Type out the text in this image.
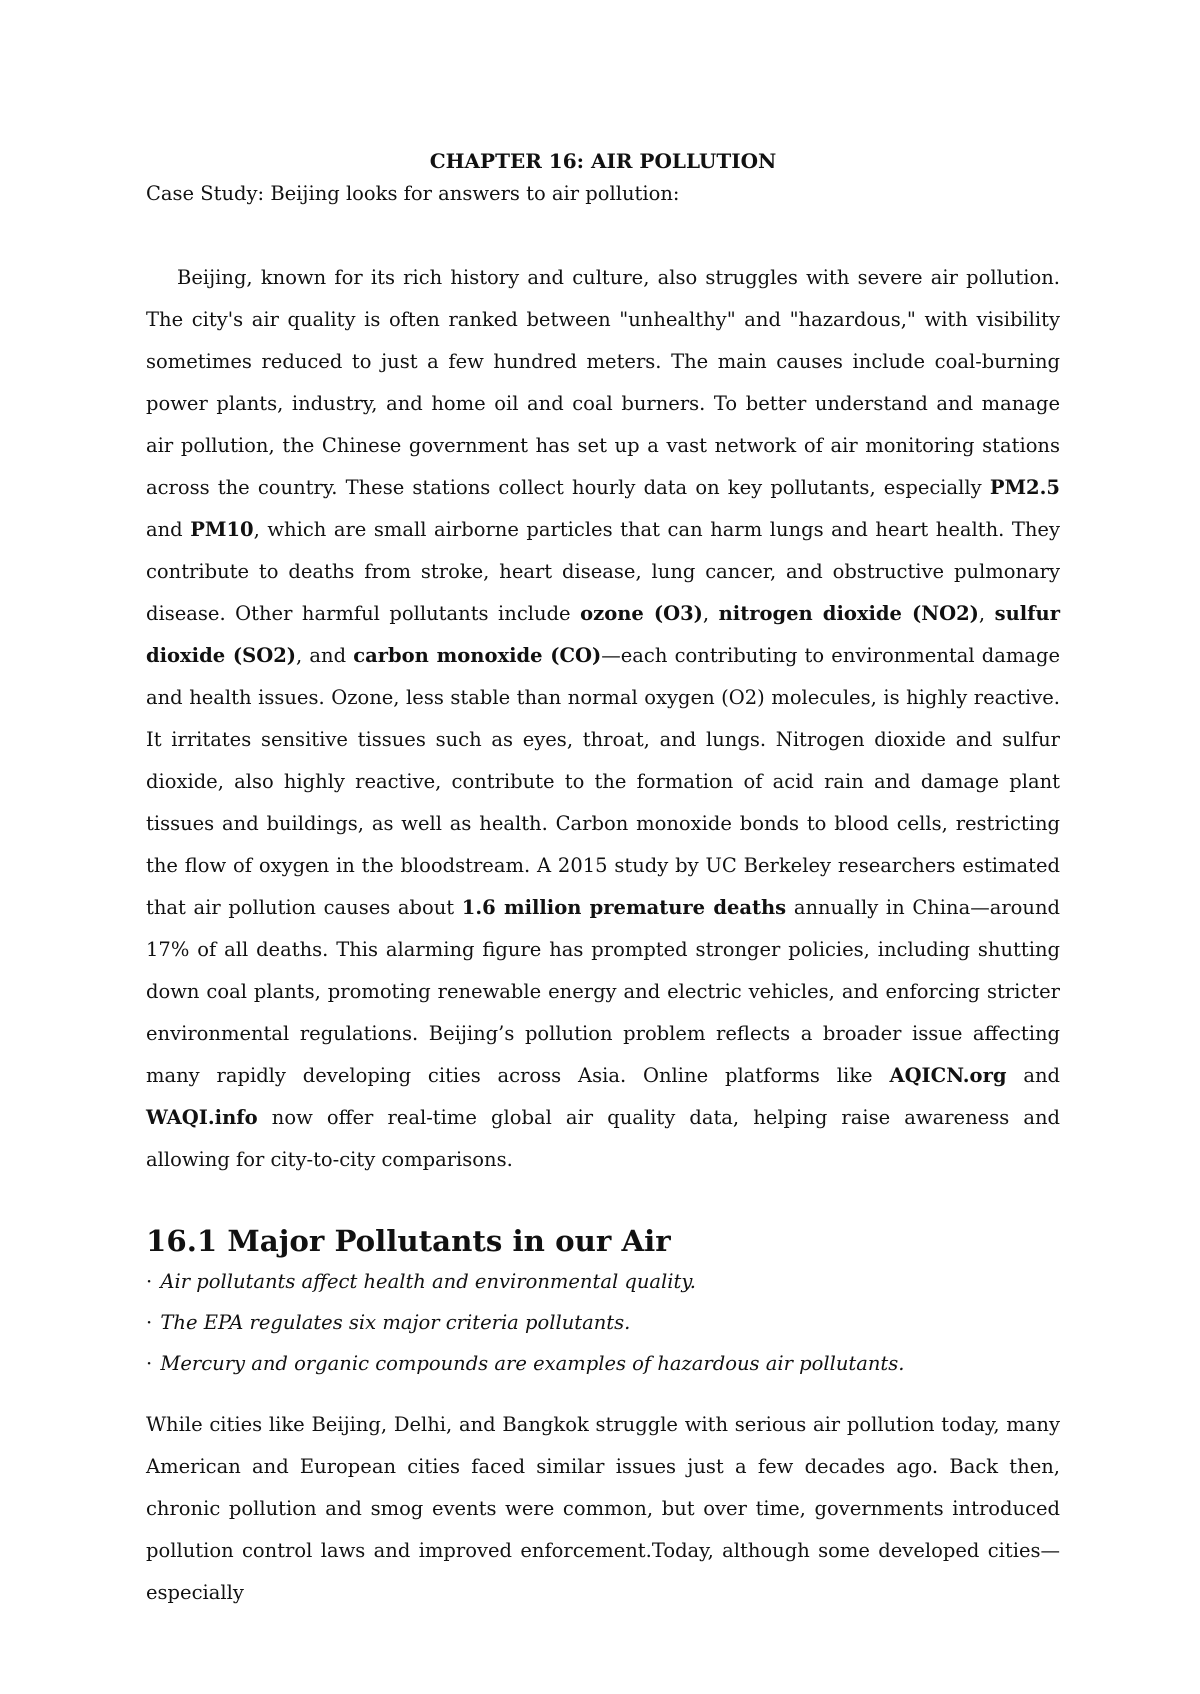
CHAPTER 16: AIR POLLUTION

Case Study: Beijing looks for answers to air pollution:

Beijing, known for its rich history and culture, also struggles with severe air pollution. The city's air quality is often ranked between "unhealthy" and "hazardous," with visibility sometimes reduced to just a few hundred meters. The main causes include coal-burning power plants, industry, and home oil and coal burners. To better understand and manage air pollution, the Chinese government has set up a vast network of air monitoring stations across the country. These stations collect hourly data on key pollutants, especially PM2.5 and PM10, which are small airborne particles that can harm lungs and heart health. They contribute to deaths from stroke, heart disease, lung cancer, and obstructive pulmonary disease. Other harmful pollutants include ozone (O3), nitrogen dioxide (NO2), sulfur dioxide (SO2), and carbon monoxide (CO)—each contributing to environmental damage and health issues. Ozone, less stable than normal oxygen (O2) molecules, is highly reactive. It irritates sensitive tissues such as eyes, throat, and lungs. Nitrogen dioxide and sulfur dioxide, also highly reactive, contribute to the formation of acid rain and damage plant tissues and buildings, as well as health. Carbon monoxide bonds to blood cells, restricting the flow of oxygen in the bloodstream. A 2015 study by UC Berkeley researchers estimated that air pollution causes about 1.6 million premature deaths annually in China—around 17% of all deaths. This alarming figure has prompted stronger policies, including shutting down coal plants, promoting renewable energy and electric vehicles, and enforcing stricter environmental regulations. Beijing’s pollution problem reflects a broader issue affecting many rapidly developing cities across Asia. Online platforms like AQICN.org and WAQI.info now offer real-time global air quality data, helping raise awareness and allowing for city-to-city comparisons.

16.1 Major Pollutants in our Air
· Air pollutants affect health and environmental quality.
· The EPA regulates six major criteria pollutants.
· Mercury and organic compounds are examples of hazardous air pollutants.

While cities like Beijing, Delhi, and Bangkok struggle with serious air pollution today, many American and European cities faced similar issues just a few decades ago. Back then, chronic pollution and smog events were common, but over time, governments introduced pollution control laws and improved enforcement.Today, although some developed cities—especially
